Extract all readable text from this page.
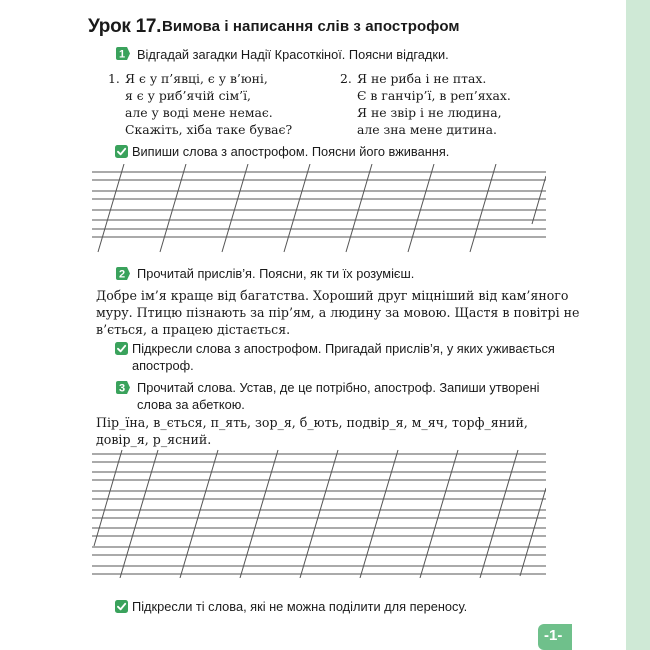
Урок 17. Вимова і написання слів з апострофом
1 Відгадай загадки Надії Красоткіної. Поясни відгадки.
1. Я є у п’явці, є у в’юні,
я є у риб’ячій сім’ї,
але у воді мене немає.
Скажіть, хіба таке буває?
2. Я не риба і не птах.
Є в ганчір’ї, в реп’яхах.
Я не звір і не людина,
але зна мене дитина.
Випиши слова з апострофом. Поясни його вживання.
2 Прочитай прислів’я. Поясни, як ти їх розумієш.
Добре ім’я краще від багатства. Хороший друг міцніший від кам’яного
муру. Птицю пізнають за пір’ям, а людину за мовою. Щастя в повітрі не
в’ється, а працею дістається.
Підкресли слова з апострофом. Пригадай прислів’я, у яких уживається
апостроф.
3 Прочитай слова. Устав, де це потрібно, апостроф. Запиши утворені
слова за абеткою.
Пір_їна, в_ється, п_ять, зор_я, б_ють, подвір_я, м_яч, торф_яний,
довір_я, р_ясний.
Підкресли ті слова, які не можна поділити для переносу.
-1-
